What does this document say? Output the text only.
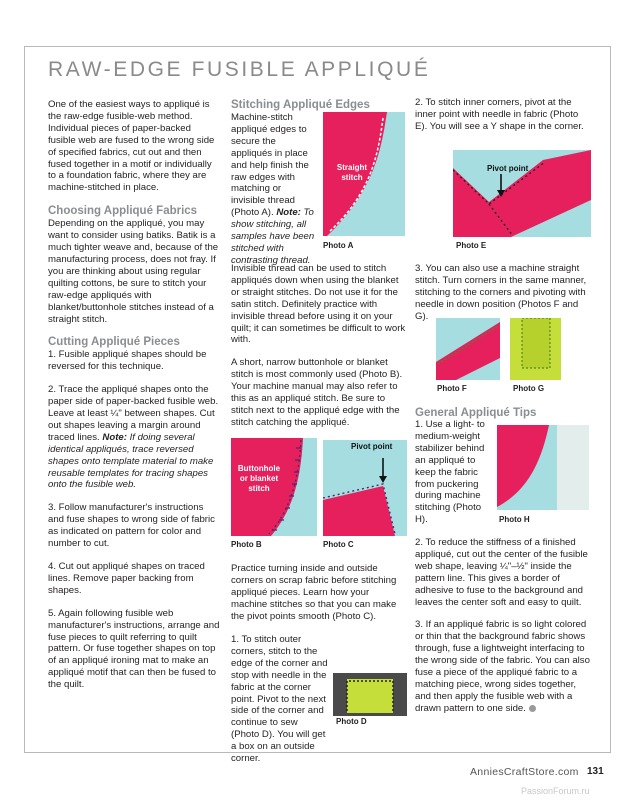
RAW-EDGE FUSIBLE APPLIQUÉ

One of the easiest ways to appliqué is the raw-edge fusible-web method. Individual pieces of paper-backed fusible web are fused to the wrong side of specified fabrics, cut out and then fused together in a motif or individually to a foundation fabric, where they are machine-stitched in place.

Choosing Appliqué Fabrics

Depending on the appliqué, you may want to consider using batiks. Batik is a much tighter weave and, because of the manufacturing process, does not fray. If you are thinking about using regular quilting cottons, be sure to stitch your raw-edge appliqués with blanket/buttonhole stitches instead of a straight stitch.

Cutting Appliqué Pieces

1. Fusible appliqué shapes should be reversed for this technique.

2. Trace the appliqué shapes onto the paper side of paper-backed fusible web. Leave at least ¼" between shapes. Cut out shapes leaving a margin around traced lines. Note: If doing several identical appliqués, trace reversed shapes onto template material to make reusable templates for tracing shapes onto the fusible web.

3. Follow manufacturer's instructions and fuse shapes to wrong side of fabric as indicated on pattern for color and number to cut.

4. Cut out appliqué shapes on traced lines. Remove paper backing from shapes.

5. Again following fusible web manufacturer's instructions, arrange and fuse pieces to quilt referring to quilt pattern. Or fuse together shapes on top of an appliqué ironing mat to make an appliqué motif that can then be fused to the quilt.

Stitching Appliqué Edges
Machine-stitch appliqué edges to secure the appliqués in place and help finish the raw edges with matching or invisible thread (Photo A). Note: To show stitching, all samples have been stitched with contrasting thread.
Straight stitch
Photo A

Invisible thread can be used to stitch appliqués down when using the blanket or straight stitches. Do not use it for the satin stitch. Definitely practice with invisible thread before using it on your quilt; it can sometimes be difficult to work with.

A short, narrow buttonhole or blanket stitch is most commonly used (Photo B). Your machine manual may also refer to this as an appliqué stitch. Be sure to stitch next to the appliqué edge with the stitch catching the appliqué.

Buttonhole or blanket stitch
Photo B
Pivot point
Photo C

Practice turning inside and outside corners on scrap fabric before stitching appliqué pieces. Learn how your machine stitches so that you can make the pivot points smooth (Photo C).

1. To stitch outer corners, stitch to the edge of the corner and stop with needle in the fabric at the corner point. Pivot to the next side of the corner and continue to sew (Photo D). You will get a box on an outside corner.

Photo D

2. To stitch inner corners, pivot at the inner point with needle in fabric (Photo E). You will see a Y shape in the corner.

Pivot point
Photo E

3. You can also use a machine straight stitch. Turn corners in the same manner, stitching to the corners and pivoting with needle in down position (Photos F and G).

Photo F	Photo G
General Appliqué Tips

1. Use a light- to medium-weight stabilizer behind an appliqué to keep the fabric from puckering during machine stitching (Photo H).	Photo H

2. To reduce the stiffness of a finished appliqué, cut out the center of the fusible web shape, leaving ¼"–½" inside the pattern line. This gives a border of adhesive to fuse to the background and leaves the center soft and easy to quilt.

3. If an appliqué fabric is so light colored or thin that the background fabric shows through, fuse a lightweight interfacing to the wrong side of the fabric. You can also fuse a piece of the appliqué fabric to a matching piece, wrong sides together, and then apply the fusible web with a drawn pattern to one side.

AnniesCraftStore.com 131
PassionForum.ru
